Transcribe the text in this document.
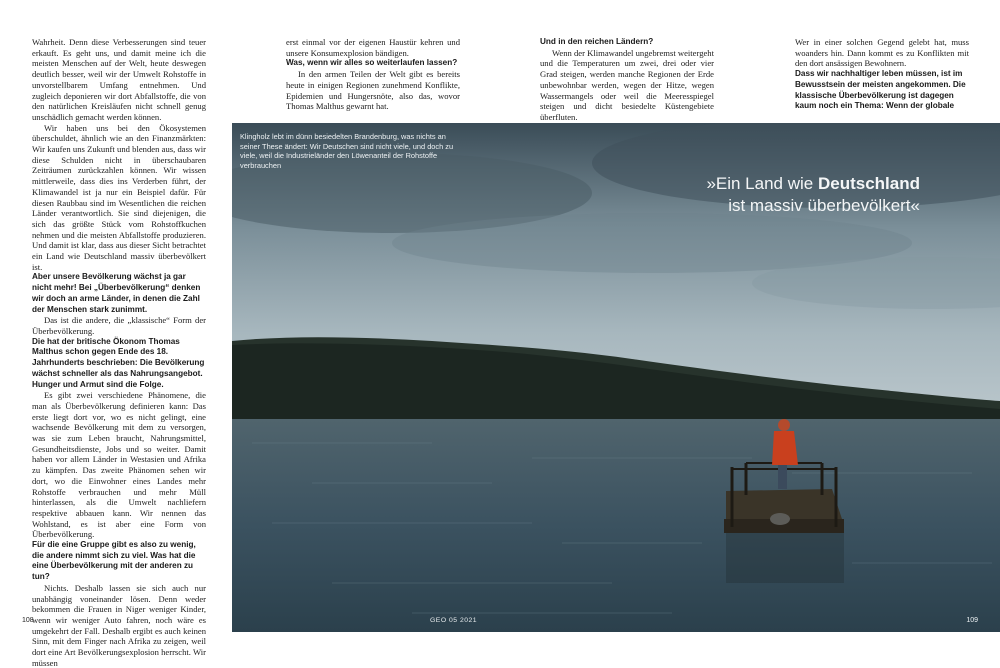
Wahrheit. Denn diese Verbesserungen sind teuer erkauft. Es geht uns, und damit meine ich die meisten Menschen auf der Welt, heute deswegen deutlich besser, weil wir der Umwelt Rohstoffe in unvorstellbarem Umfang entnehmen. Und zugleich deponieren wir dort Abfallstoffe, die von den natürlichen Kreisläufen nicht schnell genug unschädlich gemacht werden können.

Wir haben uns bei den Ökosystemen überschuldet, ähnlich wie an den Finanzmärkten: Wir kaufen uns Zukunft und blenden aus, dass wir diese Schulden nicht in überschaubaren Zeiträumen zurückzahlen können. Wir wissen mittlerweile, dass dies ins Verderben führt, der Klimawandel ist ja nur ein Beispiel dafür. Für diesen Raubbau sind im Wesentlichen die reichen Länder verantwortlich. Sie sind diejenigen, die sich das größte Stück vom Rohstoffkuchen nehmen und die meisten Abfallstoffe produzieren. Und damit ist klar, dass aus dieser Sicht betrachtet ein Land wie Deutschland massiv überbevölkert ist.

Aber unsere Bevölkerung wächst ja gar nicht mehr! Bei „Überbevölkerung“ denken wir doch an arme Länder, in denen die Zahl der Menschen stark zunimmt.

Das ist die andere, die „klassische“ Form der Überbevölkerung.

Die hat der britische Ökonom Thomas Malthus schon gegen Ende des 18. Jahrhunderts beschrieben: Die Bevölkerung wächst schneller als das Nahrungsangebot. Hunger und Armut sind die Folge.

Es gibt zwei verschiedene Phänomene, die man als Überbevölkerung definieren kann: Das erste liegt dort vor, wo es nicht gelingt, eine wachsende Bevölkerung mit dem zu versorgen, was sie zum Leben braucht, Nahrungsmittel, Gesundheitsdienste, Jobs und so weiter. Damit haben vor allem Länder in Westasien und Afrika zu kämpfen. Das zweite Phänomen sehen wir dort, wo die Einwohner eines Landes mehr Rohstoffe verbrauchen und mehr Müll hinterlassen, als die Umwelt nachliefern respektive abbauen kann. Wir nennen das Wohlstand, es ist aber eine Form von Überbevölkerung.

Für die eine Gruppe gibt es also zu wenig, die andere nimmt sich zu viel. Was hat die eine Überbevölkerung mit der anderen zu tun?

Nichts. Deshalb lassen sie sich auch nur unabhängig voneinander lösen. Denn weder bekommen die Frauen in Niger weniger Kinder, wenn wir weniger Auto fahren, noch wäre es umgekehrt der Fall. Deshalb ergibt es auch keinen Sinn, mit dem Finger nach Afrika zu zeigen, weil dort eine Art Bevölkerungsexplosion herrscht. Wir müssen

erst einmal vor der eigenen Haustür kehren und unsere Konsumexplosion bändigen.

Was, wenn wir alles so weiterlaufen lassen?

In den armen Teilen der Welt gibt es bereits heute in einigen Regionen zunehmend Konflikte, Epidemien und Hungersnöte, also das, wovor Thomas Malthus gewarnt hat.

Und in den reichen Ländern?

Wenn der Klimawandel ungebremst weitergeht und die Temperaturen um zwei, drei oder vier Grad steigen, werden manche Regionen der Erde unbewohnbar werden, wegen der Hitze, wegen Wassermangels oder weil die Meeresspiegel steigen und dicht besiedelte Küstengebiete überfluten.

Wer in einer solchen Gegend gelebt hat, muss woanders hin. Dann kommt es zu Konflikten mit den dort ansässigen Bewohnern.

Dass wir nachhaltiger leben müssen, ist im Bewusstsein der meisten angekommen. Die klassische Überbevölkerung ist dagegen kaum noch ein Thema: Wenn der globale

108
Klingholz lebt im dünn besiedelten Brandenburg, was nichts an seiner These ändert: Wir Deutschen sind nicht viele, und doch zu viele, weil die Industrieländer den Löwenanteil der Rohstoffe verbrauchen
»Ein Land wie Deutschland
ist massiv überbevölkert«
GEO 05 2021	109
